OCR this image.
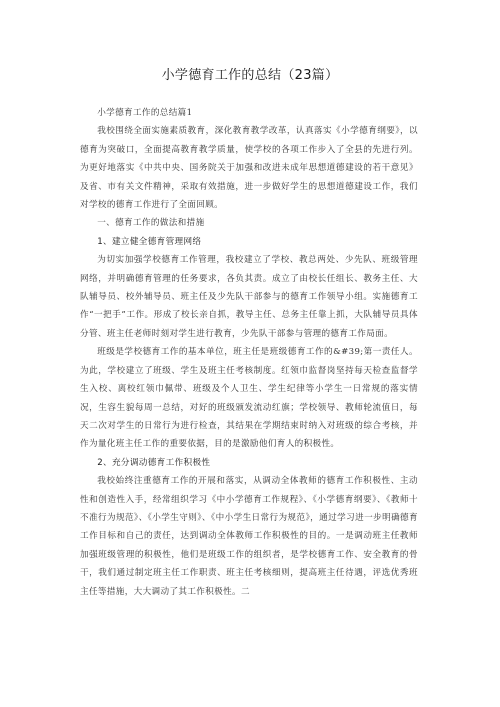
小学德育工作的总结（23篇）

小学德育工作的总结篇1

我校围绕全面实施素质教育，深化教育教学改革，认真落实《小学德育纲要》，以德育为突破口，全面提高教育教学质量，使学校的各项工作步入了全县的先进行列。为更好地落实《中共中央、国务院关于加强和改进未成年思想道德建设的若干意见》及省、市有关文件精神，采取有效措施，进一步做好学生的思想道德建设工作，我们对学校的德育工作进行了全面回顾。

一、德育工作的做法和措施

1、建立健全德育管理网络

为切实加强学校德育工作管理，我校建立了学校、教总两处、少先队、班级管理网络，并明确德育管理的任务要求，各负其责。成立了由校长任组长、教务主任、大队辅导员、校外辅导员、班主任及少先队干部参与的德育工作领导小组。实施德育工作“一把手”工作。形成了校长亲自抓，教导主任、总务主任靠上抓，大队辅导员具体分管、班主任老师时刻对学生进行教育，少先队干部参与管理的德育工作局面。

班级是学校德育工作的基本单位，班主任是班级德育工作的&#39;第一责任人。为此，学校建立了班级、学生及班主任考核制度。红领巾监督岗坚持每天检查监督学生入校、离校红领巾佩带、班级及个人卫生、学生纪律等小学生一日常规的落实情况，生容生貌每周一总结，对好的班级颁发流动红旗；学校领导、教师轮流值日，每天二次对学生的日常行为进行检查，其结果在学期结束时纳入对班级的综合考核，并作为量化班主任工作的重要依据，目的是激励他们育人的积极性。

2、充分调动德育工作积极性

我校始终注重德育工作的开展和落实，从调动全体教师的德育工作积极性、主动性和创造性入手，经常组织学习《中小学德育工作规程》、《小学德育纲要》、《教师十不准行为规范》、《小学生守则》、《中小学生日常行为规范》，通过学习进一步明确德育工作目标和自己的责任，达到调动全体教师工作积极性的目的。一是调动班主任教师加强班级管理的积极性，他们是班级工作的组织者，是学校德育工作、安全教育的骨干，我们通过制定班主任工作职责、班主任考核细则，提高班主任待遇，评选优秀班主任等措施，大大调动了其工作积极性。二
